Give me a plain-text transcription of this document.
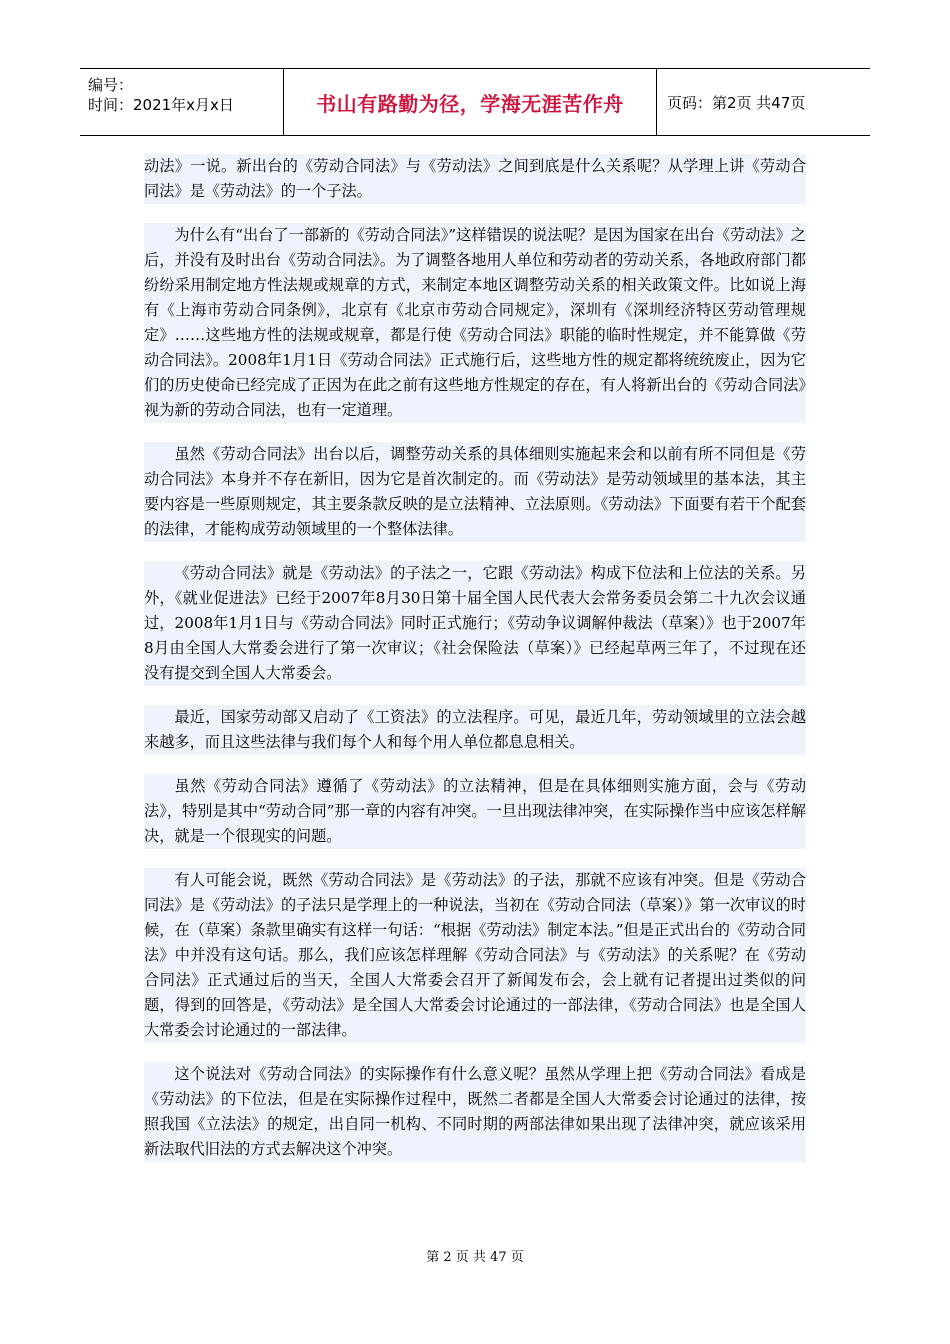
编号：
时间：2021年x月x日	书山有路勤为径，学海无涯苦作舟	页码：第2页 共47页

动法》一说。新出台的《劳动合同法》与《劳动法》之间到底是什么关系呢？从学理上讲《劳动合同法》是《劳动法》的一个子法。

为什么有“出台了一部新的《劳动合同法》”这样错误的说法呢？是因为国家在出台《劳动法》之后，并没有及时出台《劳动合同法》。为了调整各地用人单位和劳动者的劳动关系，各地政府部门都纷纷采用制定地方性法规或规章的方式，来制定本地区调整劳动关系的相关政策文件。比如说上海有《上海市劳动合同条例》，北京有《北京市劳动合同规定》，深圳有《深圳经济特区劳动管理规定》……这些地方性的法规或规章，都是行使《劳动合同法》职能的临时性规定，并不能算做《劳动合同法》。2008年1月1日《劳动合同法》正式施行后，这些地方性的规定都将统统废止，因为它们的历史使命已经完成了正因为在此之前有这些地方性规定的存在，有人将新出台的《劳动合同法》视为新的劳动合同法，也有一定道理。

虽然《劳动合同法》出台以后，调整劳动关系的具体细则实施起来会和以前有所不同但是《劳动合同法》本身并不存在新旧，因为它是首次制定的。而《劳动法》是劳动领域里的基本法，其主要内容是一些原则规定，其主要条款反映的是立法精神、立法原则。《劳动法》下面要有若干个配套的法律，才能构成劳动领域里的一个整体法律。

《劳动合同法》就是《劳动法》的子法之一，它跟《劳动法》构成下位法和上位法的关系。另外，《就业促进法》已经于2007年8月30日第十届全国人民代表大会常务委员会第二十九次会议通过，2008年1月1日与《劳动合同法》同时正式施行；《劳动争议调解仲裁法（草案）》也于2007年8月由全国人大常委会进行了第一次审议；《社会保险法（草案）》已经起草两三年了，不过现在还没有提交到全国人大常委会。

最近，国家劳动部又启动了《工资法》的立法程序。可见，最近几年，劳动领域里的立法会越来越多，而且这些法律与我们每个人和每个用人单位都息息相关。

虽然《劳动合同法》遵循了《劳动法》的立法精神，但是在具体细则实施方面，会与《劳动法》，特别是其中“劳动合同”那一章的内容有冲突。一旦出现法律冲突，在实际操作当中应该怎样解决，就是一个很现实的问题。

有人可能会说，既然《劳动合同法》是《劳动法》的子法，那就不应该有冲突。但是《劳动合同法》是《劳动法》的子法只是学理上的一种说法，当初在《劳动合同法（草案）》第一次审议的时候，在（草案）条款里确实有这样一句话：“根据《劳动法》制定本法。”但是正式出台的《劳动合同法》中并没有这句话。那么，我们应该怎样理解《劳动合同法》与《劳动法》的关系呢？在《劳动合同法》正式通过后的当天，全国人大常委会召开了新闻发布会，会上就有记者提出过类似的问题，得到的回答是，《劳动法》是全国人大常委会讨论通过的一部法律，《劳动合同法》也是全国人大常委会讨论通过的一部法律。

这个说法对《劳动合同法》的实际操作有什么意义呢？虽然从学理上把《劳动合同法》看成是《劳动法》的下位法，但是在实际操作过程中，既然二者都是全国人大常委会讨论通过的法律，按照我国《立法法》的规定，出自同一机构、不同时期的两部法律如果出现了法律冲突，就应该采用新法取代旧法的方式去解决这个冲突。

第 2 页 共 47 页
